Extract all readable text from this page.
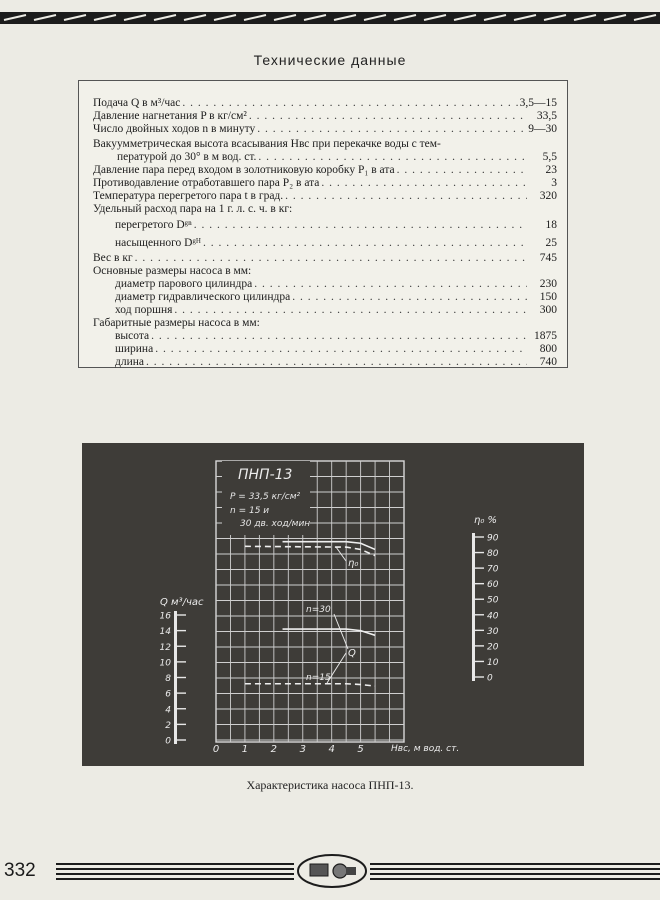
Технические данные
Подача Q в м³/час . . .	3,5—15
Давление нагнетания P в кг/см² . . .	33,5
Число двойных ходов n в минуту . . .	9—30
Вакуумметрическая высота всасывания Hвс при перекачке воды с тем-
пературой до 30° в м вод. ст. . . .	5,5
Давление пара перед входом в золотниковую коробку P₁ в ата . . .	23
Противодавление отработавшего пара P₂ в ата . . .	3
Температура перегретого пара t в град. . . .	320
Удельный расход пара на 1 г. л. с. ч. в кг:
перегретого Dᵍⁿ . . .	18
насыщенного Dᵍᴴ . . .	25
Вес в кг . . .	745
Основные размеры насоса в мм:
диаметр парового цилиндра . . .	230
диаметр гидравлического цилиндра . . .	150
ход поршня . . .	300
Габаритные размеры насоса в мм:
высота . . .	1875
ширина . . .	800
длина . . .	740
ПНП-13
P = 33,5 кг/см²
n = 15 и
30 дв. ход/мин
Q м³/час
η₀ %
Hвс, м вод. ст.
η₀
Q
n=30
n=15
0
2
4
6
8
10
12
14
16
0
10
20
30
40
50
60
70
80
90
0 1 2 3 4 5
Характеристика насоса ПНП-13.
332
